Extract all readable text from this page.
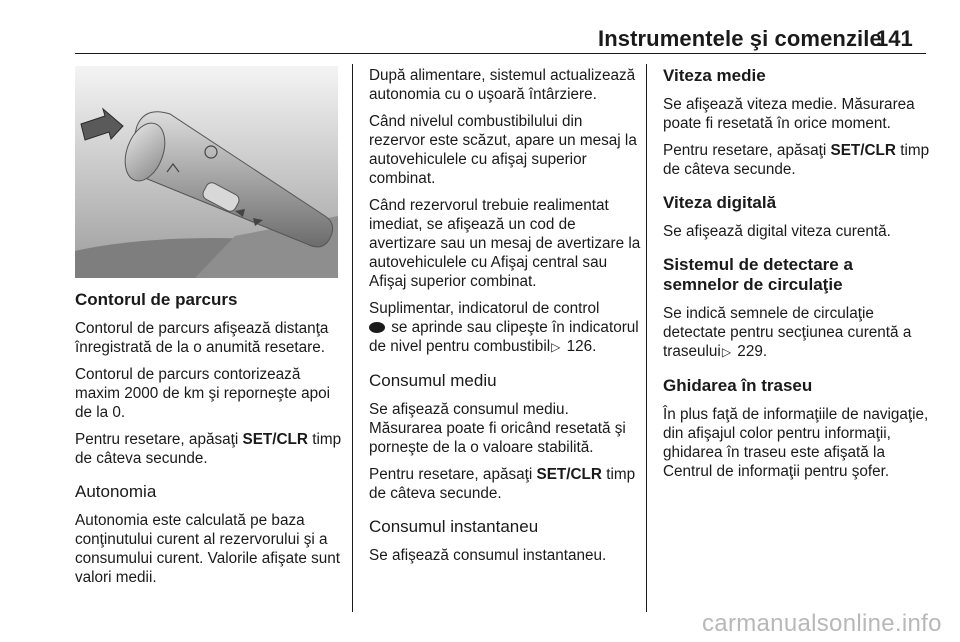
Instrumentele şi comenzile
141
Contorul de parcurs

Contorul de parcurs afişează distanţa înregistrată de la o anumită resetare.

Contorul de parcurs contorizează maxim 2000 de km şi reporneşte apoi de la 0.

Pentru resetare, apăsaţi SET/CLR timp de câteva secunde.

Autonomia

Autonomia este calculată pe baza conţinutului curent al rezervorului şi a consumului curent. Valorile afişate sunt valori medii.

După alimentare, sistemul actualizează autonomia cu o uşoară întârziere.

Când nivelul combustibilului din rezervor este scăzut, apare un mesaj la autovehiculele cu afişaj superior combinat.

Când rezervorul trebuie realimentat imediat, se afişează un cod de avertizare sau un mesaj de avertizare la autovehiculele cu Afişaj central sau Afişaj superior combinat.

Suplimentar, indicatorul de control
se aprinde sau clipeşte în indicatorul de nivel pentru combustibil▷ 126.

Consumul mediu

Se afişează consumul mediu. Măsurarea poate fi oricând resetată şi porneşte de la o valoare stabilită.

Pentru resetare, apăsaţi SET/CLR timp de câteva secunde.

Consumul instantaneu

Se afişează consumul instantaneu.

Viteza medie

Se afişează viteza medie. Măsurarea poate fi resetată în orice moment.

Pentru resetare, apăsaţi SET/CLR timp de câteva secunde.

Viteza digitală

Se afişează digital viteza curentă.

Sistemul de detectare a semnelor de circulaţie

Se indică semnele de circulaţie detectate pentru secţiunea curentă a traseului▷ 229.

Ghidarea în traseu

În plus faţă de informaţiile de navigaţie, din afişajul color pentru informaţii, ghidarea în traseu este afişată la Centrul de informaţii pentru şofer.

carmanualsonline.info
